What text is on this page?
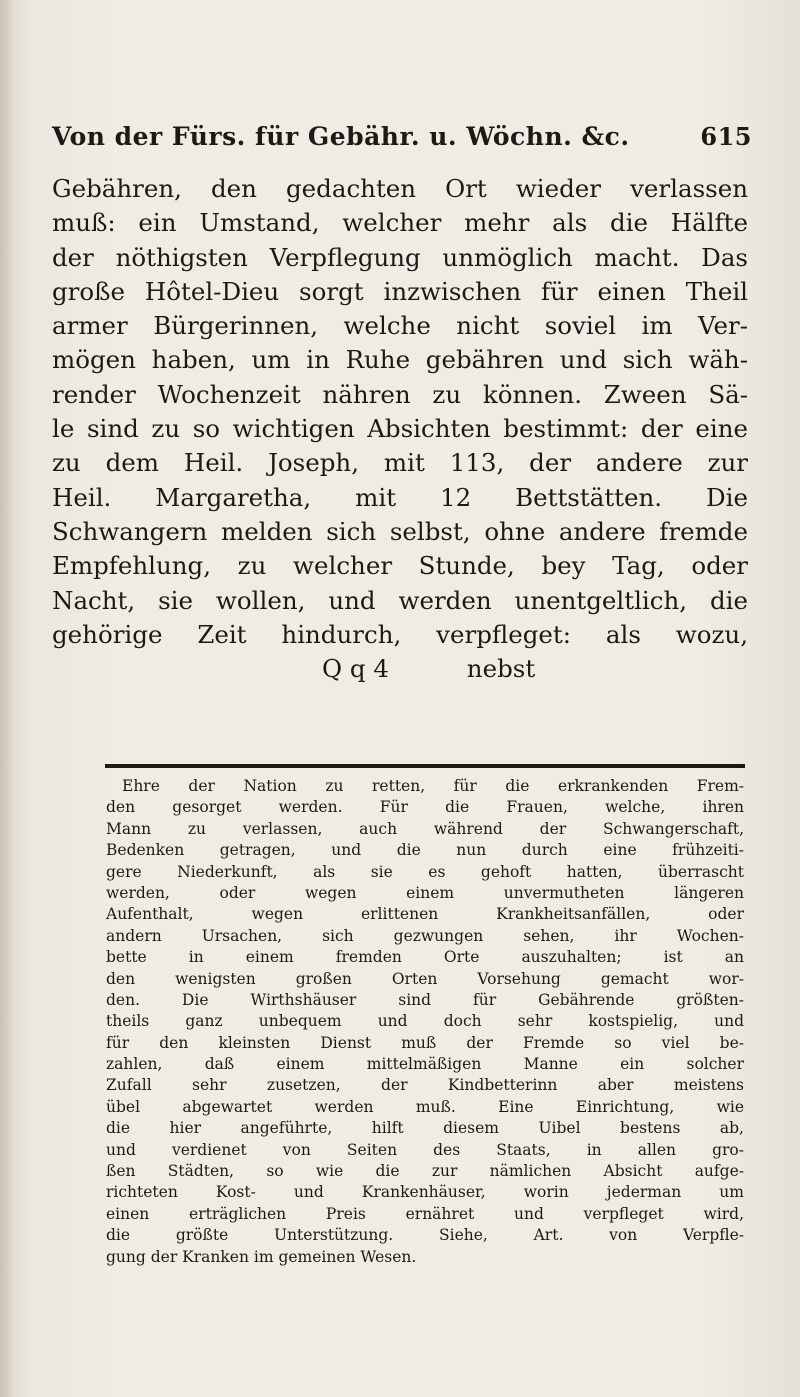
Von der Fürs. für Gebähr. u. Wöchn. &c.	615
Gebähren, den gedachten Ort wieder verlassen
muß: ein Umstand, welcher mehr als die Hälfte
der nöthigsten Verpflegung unmöglich macht. Das
große Hôtel-Dieu sorgt inzwischen für einen Theil
armer Bürgerinnen, welche nicht soviel im Ver-
mögen haben, um in Ruhe gebähren und sich wäh-
render Wochenzeit nähren zu können. Zween Sä-
le sind zu so wichtigen Absichten bestimmt: der eine
zu dem Heil. Joseph, mit 113, der andere zur
Heil. Margaretha, mit 12 Bettstätten. Die
Schwangern melden sich selbst, ohne andere fremde
Empfehlung, zu welcher Stunde, bey Tag, oder
Nacht, sie wollen, und werden unentgeltlich, die
gehörige Zeit hindurch, verpfleget: als wozu,
Q q 4          nebst
Ehre der Nation zu retten, für die erkrankenden Frem-
den gesorget werden. Für die Frauen, welche, ihren
Mann zu verlassen, auch während der Schwangerschaft,
Bedenken getragen, und die nun durch eine frühzeiti-
gere Niederkunft, als sie es gehoft hatten, überrascht
werden, oder wegen einem unvermutheten längeren
Aufenthalt, wegen erlittenen Krankheitsanfällen, oder
andern Ursachen, sich gezwungen sehen, ihr Wochen-
bette in einem fremden Orte auszuhalten; ist an
den wenigsten großen Orten Vorsehung gemacht wor-
den. Die Wirthshäuser sind für Gebährende größten-
theils ganz unbequem und doch sehr kostspielig, und
für den kleinsten Dienst muß der Fremde so viel be-
zahlen, daß einem mittelmäßigen Manne ein solcher
Zufall sehr zusetzen, der Kindbetterinn aber meistens
übel abgewartet werden muß. Eine Einrichtung, wie
die hier angeführte, hilft diesem Uibel bestens ab,
und verdienet von Seiten des Staats, in allen gro-
ßen Städten, so wie die zur nämlichen Absicht aufge-
richteten Kost- und Krankenhäuser, worin jederman um
einen erträglichen Preis ernähret und verpfleget wird,
die größte Unterstützung. Siehe, Art. von Verpfle-
gung der Kranken im gemeinen Wesen.
